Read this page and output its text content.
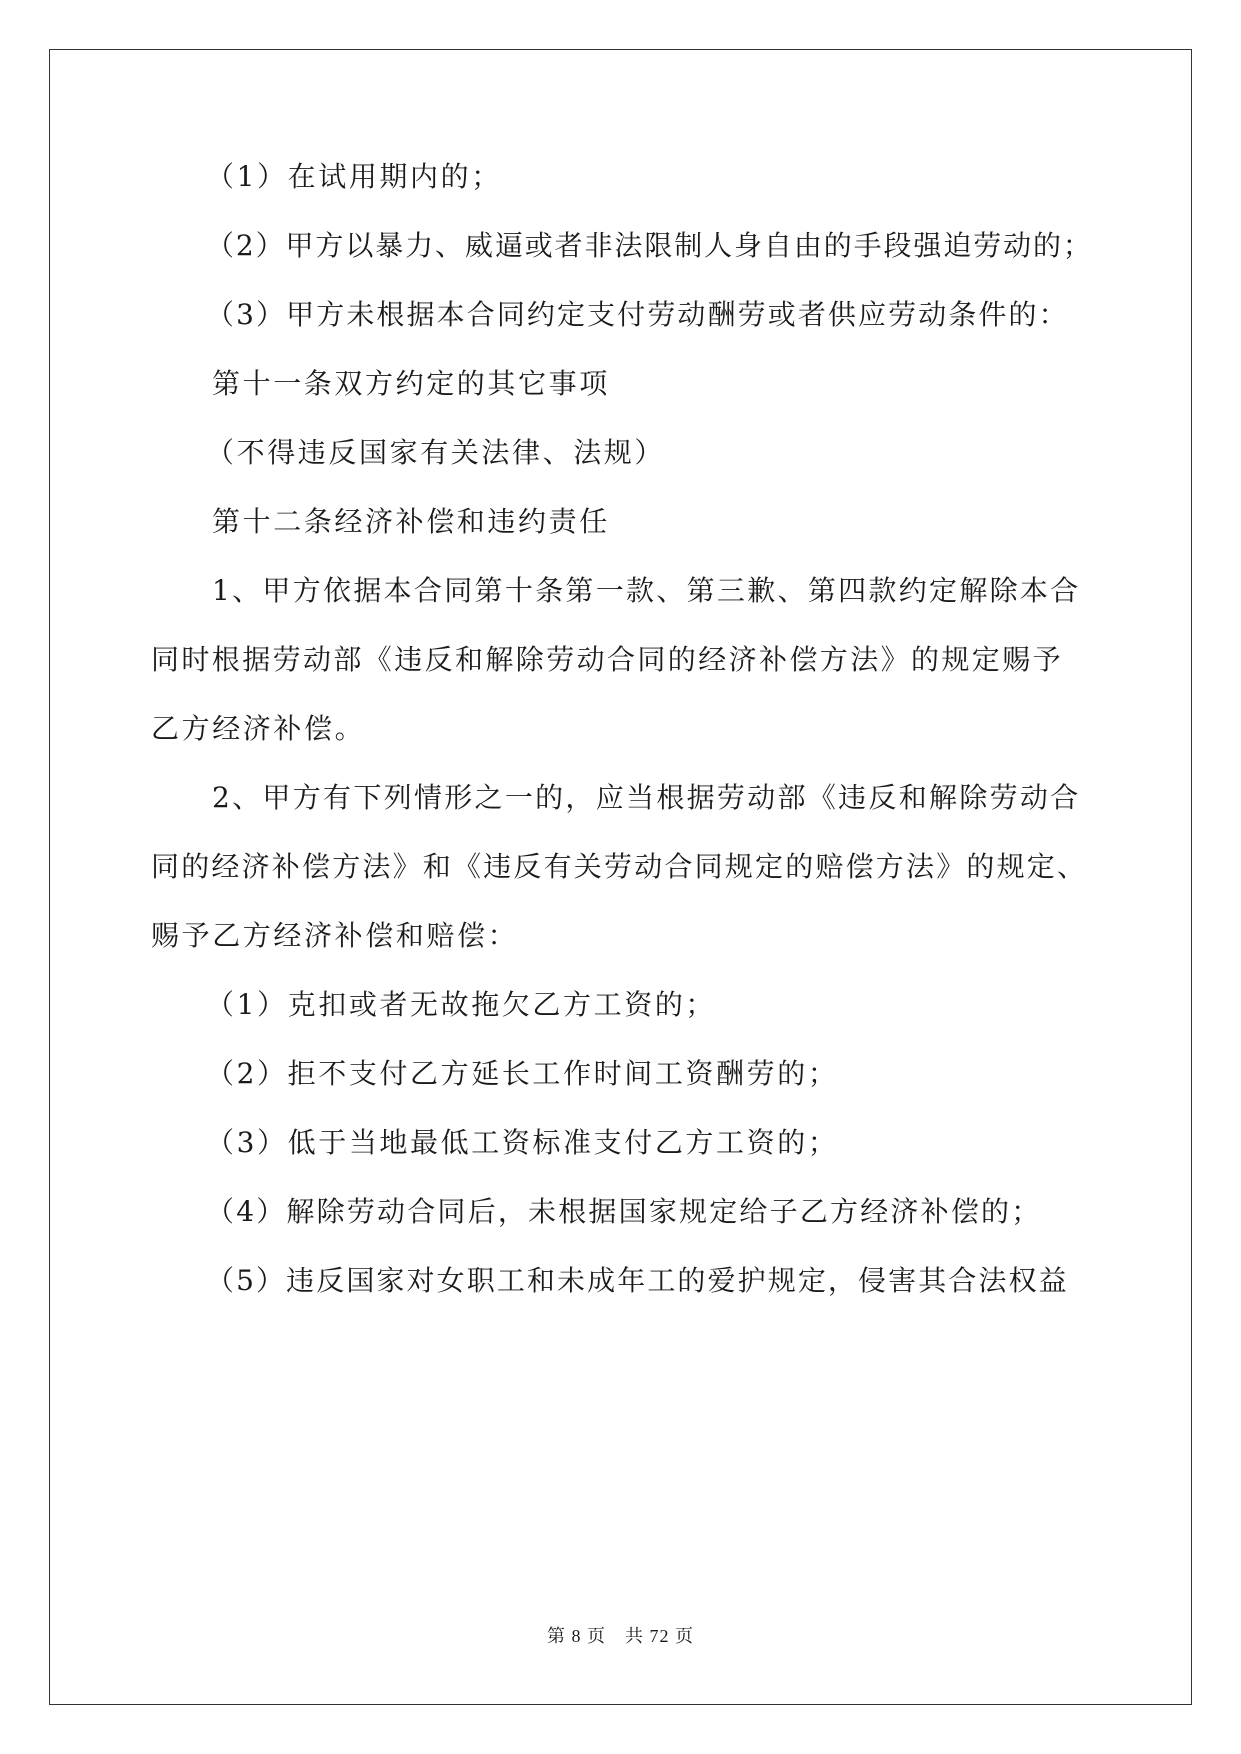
（1）在试用期内的；
（2）甲方以暴力、威逼或者非法限制人身自由的手段强迫劳动的；
（3）甲方未根据本合同约定支付劳动酬劳或者供应劳动条件的：
第十一条双方约定的其它事项
（不得违反国家有关法律、法规）
第十二条经济补偿和违约责任
1、甲方依据本合同第十条第一款、第三歉、第四款约定解除本合
同时根据劳动部《违反和解除劳动合同的经济补偿方法》的规定赐予
乙方经济补偿。
2、甲方有下列情形之一的，应当根据劳动部《违反和解除劳动合
同的经济补偿方法》和《违反有关劳动合同规定的赔偿方法》的规定、
赐予乙方经济补偿和赔偿：
（1）克扣或者无故拖欠乙方工资的；
（2）拒不支付乙方延长工作时间工资酬劳的；
（3）低于当地最低工资标准支付乙方工资的；
（4）解除劳动合同后，未根据国家规定给子乙方经济补偿的；
（5）违反国家对女职工和未成年工的爱护规定，侵害其合法权益
第 8 页　共 72 页
